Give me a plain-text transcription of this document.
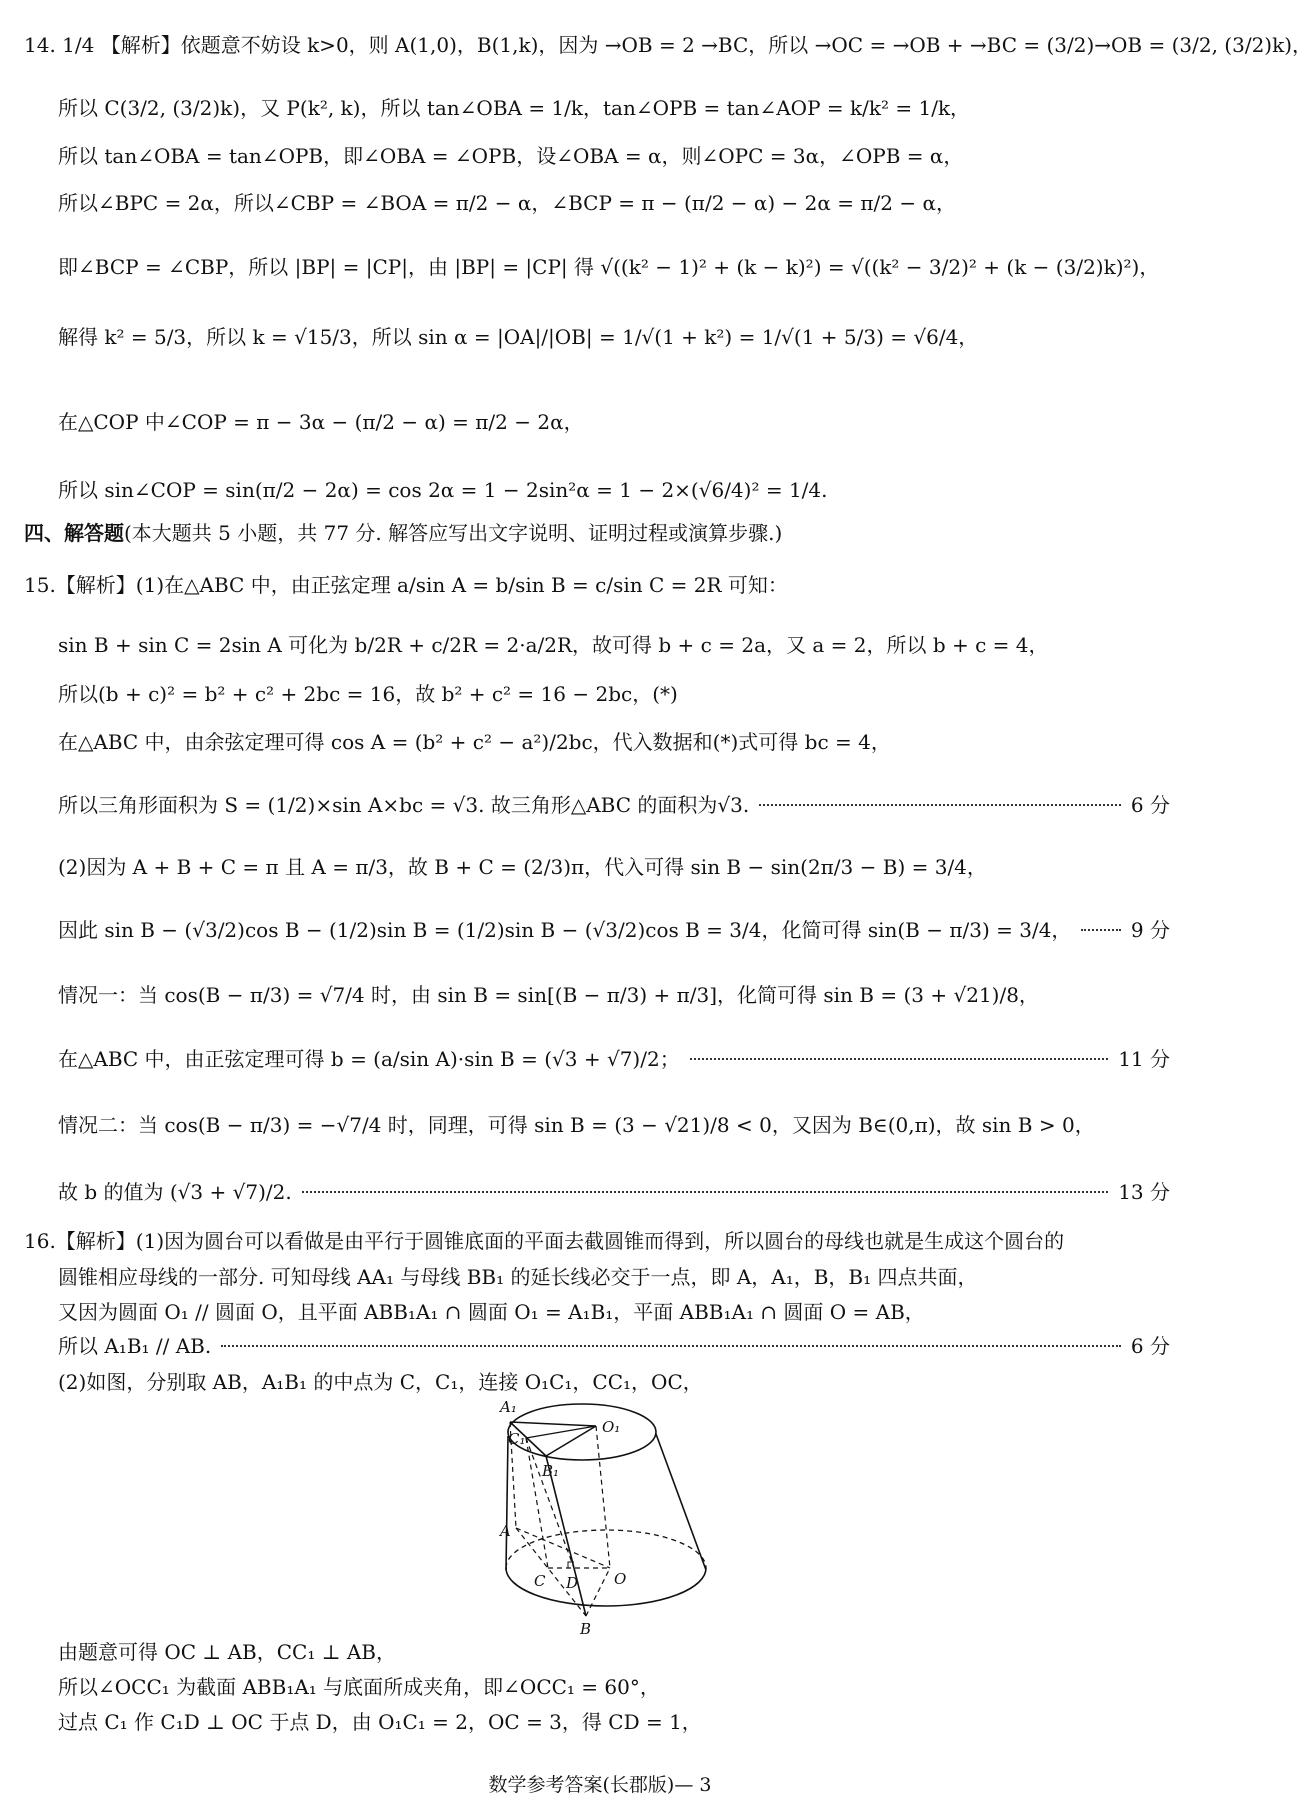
14. 1/4 【解析】依题意不妨设 k>0，则 A(1,0)，B(1,k)，因为 →OB = 2 →BC，所以 →OC = →OB + →BC = (3/2)→OB = (3/2, (3/2)k)，
所以 C(3/2, (3/2)k)，又 P(k², k)，所以 tan∠OBA = 1/k，tan∠OPB = tan∠AOP = k/k² = 1/k，
所以 tan∠OBA = tan∠OPB，即∠OBA = ∠OPB，设∠OBA = α，则∠OPC = 3α，∠OPB = α，
所以∠BPC = 2α，所以∠CBP = ∠BOA = π/2 − α，∠BCP = π − (π/2 − α) − 2α = π/2 − α，
即∠BCP = ∠CBP，所以 |BP| = |CP|，由 |BP| = |CP| 得 √((k² − 1)² + (k − k)²) = √((k² − 3/2)² + (k − (3/2)k)²)，
解得 k² = 5/3，所以 k = √15/3，所以 sin α = |OA|/|OB| = 1/√(1 + k²) = 1/√(1 + 5/3) = √6/4，
在△COP 中∠COP = π − 3α − (π/2 − α) = π/2 − 2α，
所以 sin∠COP = sin(π/2 − 2α) = cos 2α = 1 − 2sin²α = 1 − 2×(√6/4)² = 1/4.
四、解答题(本大题共 5 小题，共 77 分. 解答应写出文字说明、证明过程或演算步骤.)
15.【解析】(1)在△ABC 中，由正弦定理 a/sin A = b/sin B = c/sin C = 2R 可知：
sin B + sin C = 2sin A 可化为 b/2R + c/2R = 2·a/2R，故可得 b + c = 2a，又 a = 2，所以 b + c = 4，
所以(b + c)² = b² + c² + 2bc = 16，故 b² + c² = 16 − 2bc，(*)
在△ABC 中，由余弦定理可得 cos A = (b² + c² − a²)/2bc，代入数据和(*)式可得 bc = 4，
所以三角形面积为 S = (1/2)×sin A×bc = √3. 故三角形△ABC 的面积为√3.	6 分
(2)因为 A + B + C = π 且 A = π/3，故 B + C = (2/3)π，代入可得 sin B − sin(2π/3 − B) = 3/4，
因此 sin B − (√3/2)cos B − (1/2)sin B = (1/2)sin B − (√3/2)cos B = 3/4，化简可得 sin(B − π/3) = 3/4，	9 分
情况一：当 cos(B − π/3) = √7/4 时，由 sin B = sin[(B − π/3) + π/3]，化简可得 sin B = (3 + √21)/8，
在△ABC 中，由正弦定理可得 b = (a/sin A)·sin B = (√3 + √7)/2；	11 分
情况二：当 cos(B − π/3) = −√7/4 时，同理，可得 sin B = (3 − √21)/8 < 0，又因为 B∈(0,π)，故 sin B > 0，
故 b 的值为 (√3 + √7)/2.	13 分
16.【解析】(1)因为圆台可以看做是由平行于圆锥底面的平面去截圆锥而得到，所以圆台的母线也就是生成这个圆台的
圆锥相应母线的一部分. 可知母线 AA₁ 与母线 BB₁ 的延长线必交于一点，即 A，A₁，B，B₁ 四点共面，
又因为圆面 O₁ // 圆面 O，且平面 ABB₁A₁ ∩ 圆面 O₁ = A₁B₁，平面 ABB₁A₁ ∩ 圆面 O = AB，
所以 A₁B₁ // AB.	6 分
(2)如图，分别取 AB，A₁B₁ 的中点为 C，C₁，连接 O₁C₁，CC₁，OC，
A₁
C₁
O₁
B₁
A
C D O
B
由题意可得 OC ⊥ AB，CC₁ ⊥ AB，
所以∠OCC₁ 为截面 ABB₁A₁ 与底面所成夹角，即∠OCC₁ = 60°，
过点 C₁ 作 C₁D ⊥ OC 于点 D，由 O₁C₁ = 2，OC = 3，得 CD = 1，
数学参考答案(长郡版)— 3
